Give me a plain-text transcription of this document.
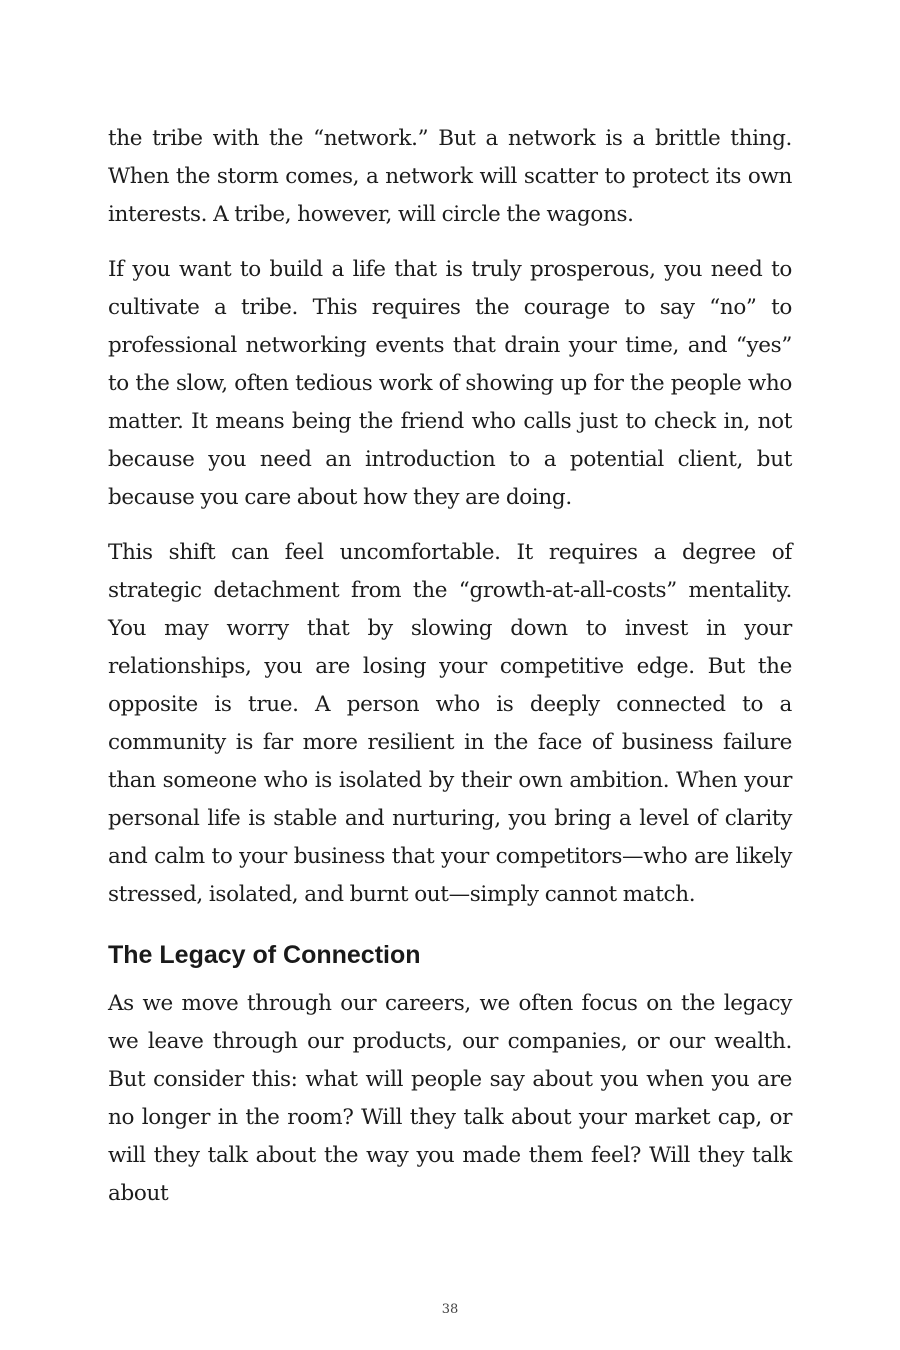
the tribe with the “network.” But a network is a brittle thing. When the storm comes, a network will scatter to protect its own interests. A tribe, however, will circle the wagons.

If you want to build a life that is truly prosperous, you need to cultivate a tribe. This requires the courage to say “no” to professional networking events that drain your time, and “yes” to the slow, often tedious work of showing up for the people who matter. It means being the friend who calls just to check in, not because you need an introduction to a potential client, but because you care about how they are doing.

This shift can feel uncomfortable. It requires a degree of strategic detachment from the “growth-at-all-costs” mentality. You may worry that by slowing down to invest in your relationships, you are losing your competitive edge. But the opposite is true. A person who is deeply connected to a community is far more resilient in the face of business failure than someone who is isolated by their own ambition. When your personal life is stable and nurturing, you bring a level of clarity and calm to your business that your competitors—who are likely stressed, isolated, and burnt out—simply cannot match.

The Legacy of Connection

As we move through our careers, we often focus on the legacy we leave through our products, our companies, or our wealth. But consider this: what will people say about you when you are no longer in the room? Will they talk about your market cap, or will they talk about the way you made them feel? Will they talk about

38
